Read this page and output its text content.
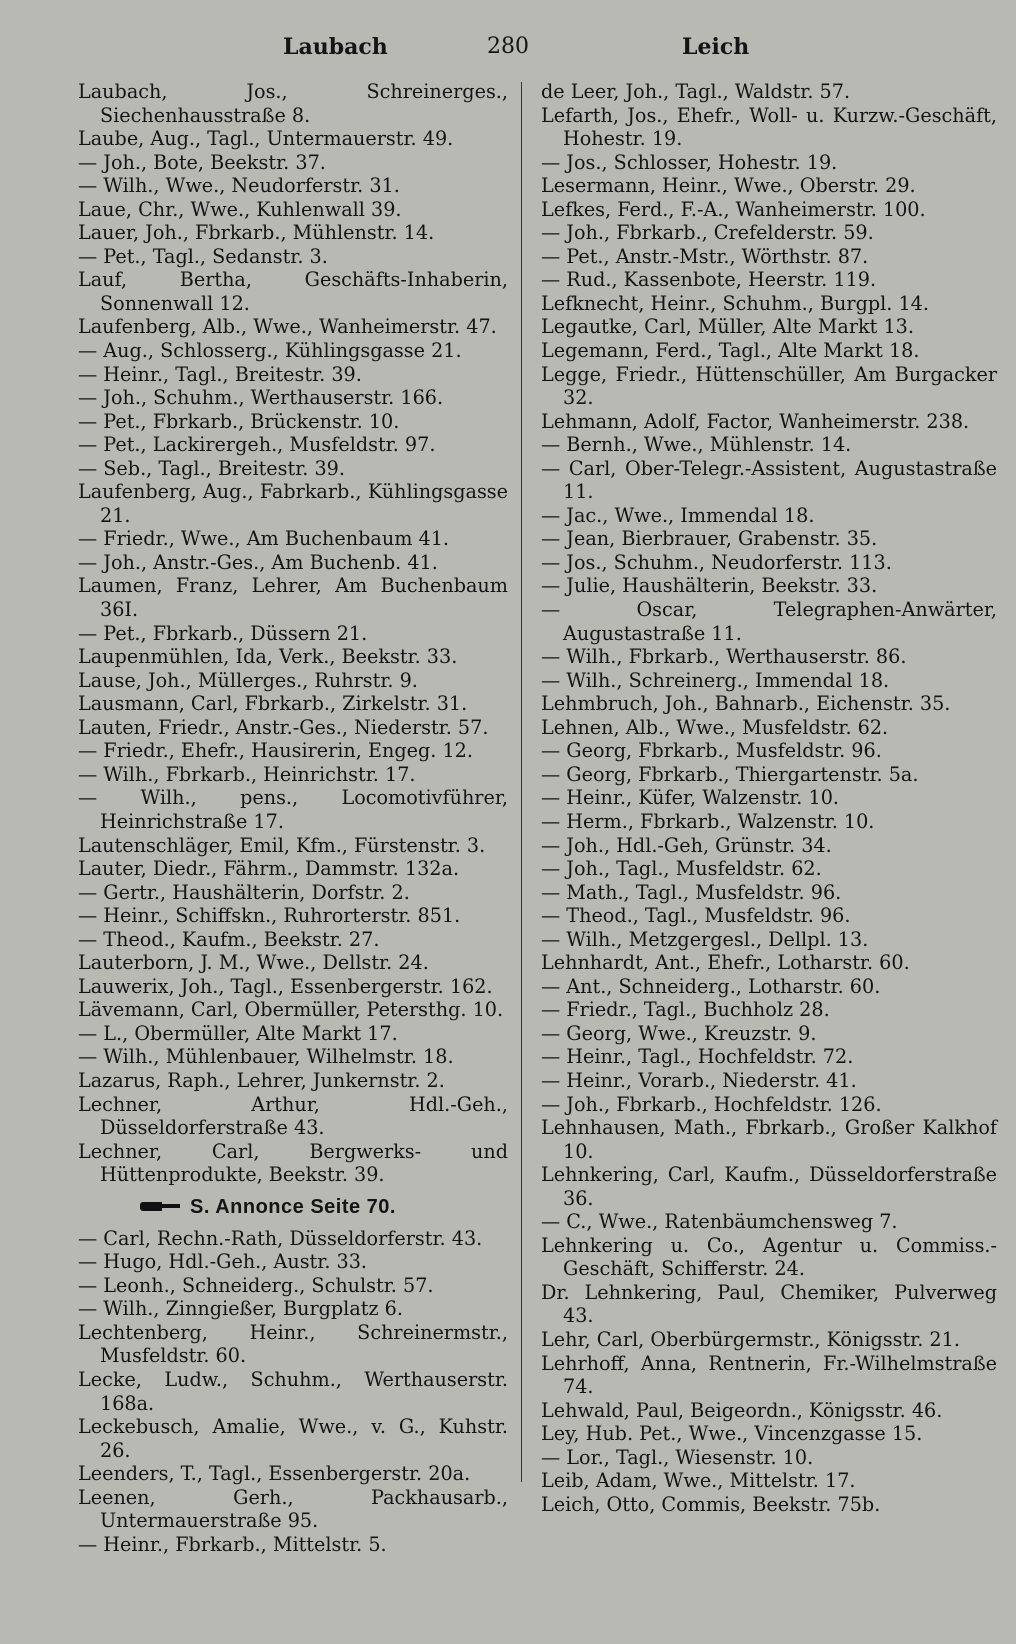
280
Laubach	Leich

Laubach, Jos., Schreinerges., Siechenhausstraße 8.

Laube, Aug., Tagl., Untermauerstr. 49.

— Joh., Bote, Beekstr. 37.

— Wilh., Wwe., Neudorferstr. 31.

Laue, Chr., Wwe., Kuhlenwall 39.

Lauer, Joh., Fbrkarb., Mühlenstr. 14.

— Pet., Tagl., Sedanstr. 3.

Lauf, Bertha, Geschäfts-Inhaberin, Sonnenwall 12.

Laufenberg, Alb., Wwe., Wanheimerstr. 47.

— Aug., Schlosserg., Kühlingsgasse 21.

— Heinr., Tagl., Breitestr. 39.

— Joh., Schuhm., Werthauserstr. 166.

— Pet., Fbrkarb., Brückenstr. 10.

— Pet., Lackirergeh., Musfeldstr. 97.

— Seb., Tagl., Breitestr. 39.

Laufenberg, Aug., Fabrkarb., Kühlingsgasse 21.

— Friedr., Wwe., Am Buchenbaum 41.

— Joh., Anstr.-Ges., Am Buchenb. 41.

Laumen, Franz, Lehrer, Am Buchenbaum 36I.

— Pet., Fbrkarb., Düssern 21.

Laupenmühlen, Ida, Verk., Beekstr. 33.

Lause, Joh., Müllerges., Ruhrstr. 9.

Lausmann, Carl, Fbrkarb., Zirkelstr. 31.

Lauten, Friedr., Anstr.-Ges., Niederstr. 57.

— Friedr., Ehefr., Hausirerin, Engeg. 12.

— Wilh., Fbrkarb., Heinrichstr. 17.

— Wilh., pens., Locomotivführer, Heinrichstraße 17.

Lautenschläger, Emil, Kfm., Fürstenstr. 3.

Lauter, Diedr., Fährm., Dammstr. 132a.

— Gertr., Haushälterin, Dorfstr. 2.

— Heinr., Schiffskn., Ruhrorterstr. 851.

— Theod., Kaufm., Beekstr. 27.

Lauterborn, J. M., Wwe., Dellstr. 24.

Lauwerix, Joh., Tagl., Essenbergerstr. 162.

Lävemann, Carl, Obermüller, Petersthg. 10.

— L., Obermüller, Alte Markt 17.

— Wilh., Mühlenbauer, Wilhelmstr. 18.

Lazarus, Raph., Lehrer, Junkernstr. 2.

Lechner, Arthur, Hdl.-Geh., Düsseldorferstraße 43.

Lechner, Carl, Bergwerks- und Hüttenprodukte, Beekstr. 39.

S. Annonce Seite 70.

— Carl, Rechn.-Rath, Düsseldorferstr. 43.

— Hugo, Hdl.-Geh., Austr. 33.

— Leonh., Schneiderg., Schulstr. 57.

— Wilh., Zinngießer, Burgplatz 6.

Lechtenberg, Heinr., Schreinermstr., Musfeldstr. 60.

Lecke, Ludw., Schuhm., Werthauserstr. 168a.

Leckebusch, Amalie, Wwe., v. G., Kuhstr. 26.

Leenders, T., Tagl., Essenbergerstr. 20a.

Leenen, Gerh., Packhausarb., Untermauerstraße 95.

— Heinr., Fbrkarb., Mittelstr. 5.

de Leer, Joh., Tagl., Waldstr. 57.

Lefarth, Jos., Ehefr., Woll- u. Kurzw.-Geschäft, Hohestr. 19.

— Jos., Schlosser, Hohestr. 19.

Lesermann, Heinr., Wwe., Oberstr. 29.

Lefkes, Ferd., F.-A., Wanheimerstr. 100.

— Joh., Fbrkarb., Crefelderstr. 59.

— Pet., Anstr.-Mstr., Wörthstr. 87.

— Rud., Kassenbote, Heerstr. 119.

Lefknecht, Heinr., Schuhm., Burgpl. 14.

Legautke, Carl, Müller, Alte Markt 13.

Legemann, Ferd., Tagl., Alte Markt 18.

Legge, Friedr., Hüttenschüller, Am Burgacker 32.

Lehmann, Adolf, Factor, Wanheimerstr. 238.

— Bernh., Wwe., Mühlenstr. 14.

— Carl, Ober-Telegr.-Assistent, Augustastraße 11.

— Jac., Wwe., Immendal 18.

— Jean, Bierbrauer, Grabenstr. 35.

— Jos., Schuhm., Neudorferstr. 113.

— Julie, Haushälterin, Beekstr. 33.

— Oscar, Telegraphen-Anwärter, Augustastraße 11.

— Wilh., Fbrkarb., Werthauserstr. 86.

— Wilh., Schreinerg., Immendal 18.

Lehmbruch, Joh., Bahnarb., Eichenstr. 35.

Lehnen, Alb., Wwe., Musfeldstr. 62.

— Georg, Fbrkarb., Musfeldstr. 96.

— Georg, Fbrkarb., Thiergartenstr. 5a.

— Heinr., Küfer, Walzenstr. 10.

— Herm., Fbrkarb., Walzenstr. 10.

— Joh., Hdl.-Geh, Grünstr. 34.

— Joh., Tagl., Musfeldstr. 62.

— Math., Tagl., Musfeldstr. 96.

— Theod., Tagl., Musfeldstr. 96.

— Wilh., Metzgergesl., Dellpl. 13.

Lehnhardt, Ant., Ehefr., Lotharstr. 60.

— Ant., Schneiderg., Lotharstr. 60.

— Friedr., Tagl., Buchholz 28.

— Georg, Wwe., Kreuzstr. 9.

— Heinr., Tagl., Hochfeldstr. 72.

— Heinr., Vorarb., Niederstr. 41.

— Joh., Fbrkarb., Hochfeldstr. 126.

Lehnhausen, Math., Fbrkarb., Großer Kalkhof 10.

Lehnkering, Carl, Kaufm., Düsseldorferstraße 36.

— C., Wwe., Ratenbäumchensweg 7.

Lehnkering u. Co., Agentur u. Commiss.-Geschäft, Schifferstr. 24.

Dr. Lehnkering, Paul, Chemiker, Pulverweg 43.

Lehr, Carl, Oberbürgermstr., Königsstr. 21.

Lehrhoff, Anna, Rentnerin, Fr.-Wilhelmstraße 74.

Lehwald, Paul, Beigeordn., Königsstr. 46.

Ley, Hub. Pet., Wwe., Vincenzgasse 15.

— Lor., Tagl., Wiesenstr. 10.

Leib, Adam, Wwe., Mittelstr. 17.

Leich, Otto, Commis, Beekstr. 75b.
